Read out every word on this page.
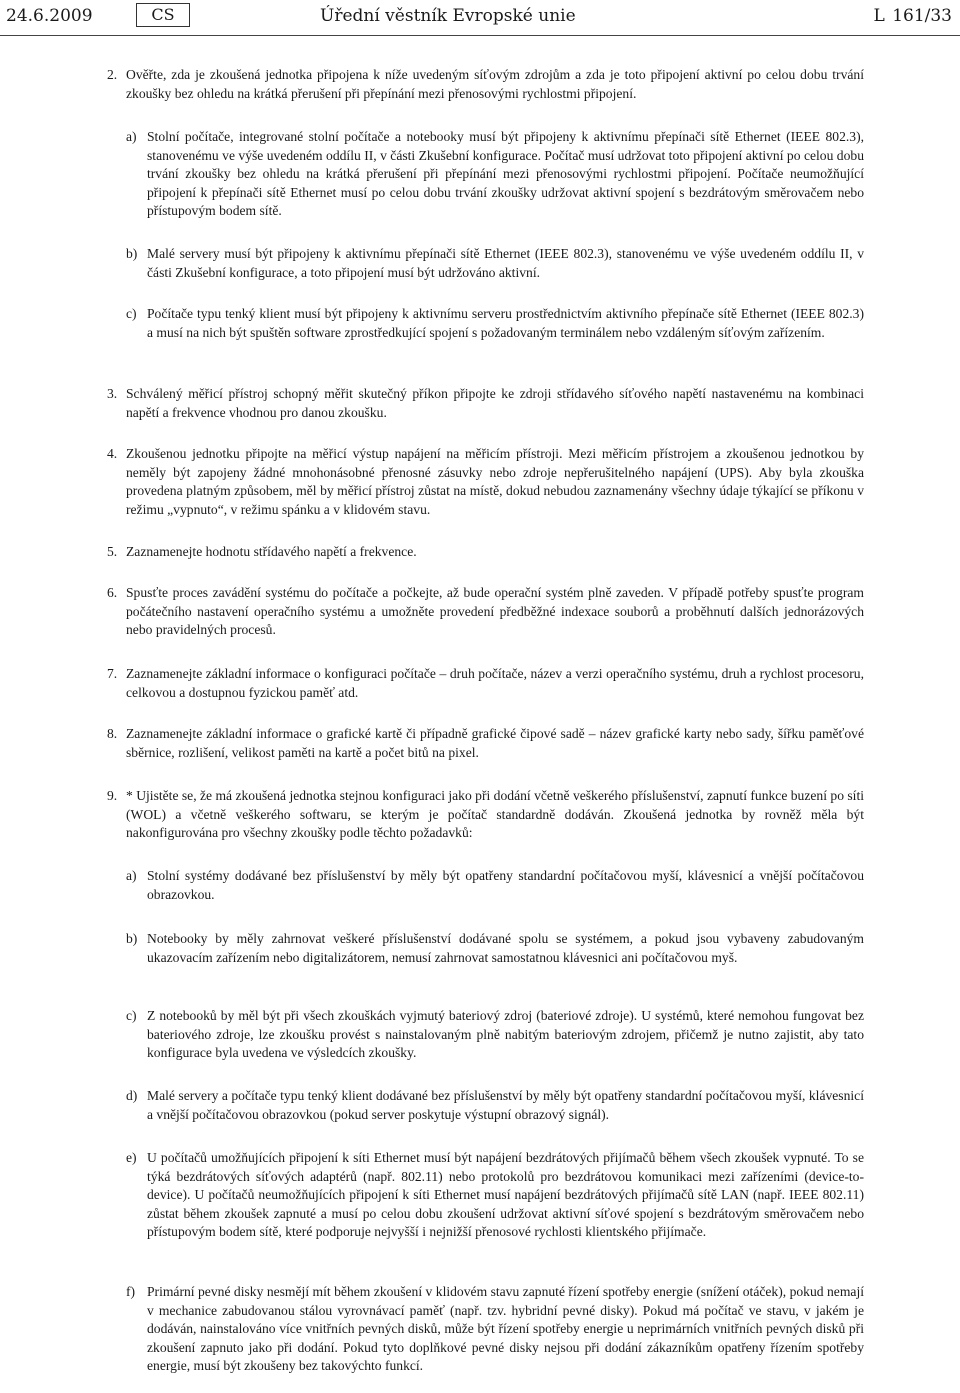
24.6.2009	CS	Úřední věstník Evropské unie	L 161/33
2. Ověřte, zda je zkoušená jednotka připojena k níže uvedeným síťovým zdrojům a zda je toto připojení aktivní po celou dobu trvání zkoušky bez ohledu na krátká přerušení při přepínání mezi přenosovými rychlostmi připojení.
a) Stolní počítače, integrované stolní počítače a notebooky musí být připojeny k aktivnímu přepínači sítě Ethernet (IEEE 802.3), stanovenému ve výše uvedeném oddílu II, v části Zkušební konfigurace. Počítač musí udržovat toto připojení aktivní po celou dobu trvání zkoušky bez ohledu na krátká přerušení při přepínání mezi přenosovými rychlostmi připojení. Počítače neumožňující připojení k přepínači sítě Ethernet musí po celou dobu trvání zkoušky udržovat aktivní spojení s bezdrátovým směrovačem nebo přístupovým bodem sítě.
b) Malé servery musí být připojeny k aktivnímu přepínači sítě Ethernet (IEEE 802.3), stanovenému ve výše uvedeném oddílu II, v části Zkušební konfigurace, a toto připojení musí být udržováno aktivní.
c) Počítače typu tenký klient musí být připojeny k aktivnímu serveru prostřednictvím aktivního přepínače sítě Ethernet (IEEE 802.3) a musí na nich být spuštěn software zprostředkující spojení s požadovaným terminálem nebo vzdáleným síťovým zařízením.
3. Schválený měřicí přístroj schopný měřit skutečný příkon připojte ke zdroji střídavého síťového napětí nastavenému na kombinaci napětí a frekvence vhodnou pro danou zkoušku.
4. Zkoušenou jednotku připojte na měřicí výstup napájení na měřicím přístroji. Mezi měřicím přístrojem a zkoušenou jednotkou by neměly být zapojeny žádné mnohonásobné přenosné zásuvky nebo zdroje nepřerušitelného napájení (UPS). Aby byla zkouška provedena platným způsobem, měl by měřicí přístroj zůstat na místě, dokud nebudou zaznamenány všechny údaje týkající se příkonu v režimu „vypnuto“, v režimu spánku a v klidovém stavu.
5. Zaznamenejte hodnotu střídavého napětí a frekvence.
6. Spusťte proces zavádění systému do počítače a počkejte, až bude operační systém plně zaveden. V případě potřeby spusťte program počátečního nastavení operačního systému a umožněte provedení předběžné indexace souborů a proběhnutí dalších jednorázových nebo pravidelných procesů.
7. Zaznamenejte základní informace o konfiguraci počítače – druh počítače, název a verzi operačního systému, druh a rychlost procesoru, celkovou a dostupnou fyzickou paměť atd.
8. Zaznamenejte základní informace o grafické kartě či případně grafické čipové sadě – název grafické karty nebo sady, šířku paměťové sběrnice, rozlišení, velikost paměti na kartě a počet bitů na pixel.
9. * Ujistěte se, že má zkoušená jednotka stejnou konfiguraci jako při dodání včetně veškerého příslušenství, zapnutí funkce buzení po síti (WOL) a včetně veškerého softwaru, se kterým je počítač standardně dodáván. Zkoušená jednotka by rovněž měla být nakonfigurována pro všechny zkoušky podle těchto požadavků:
a) Stolní systémy dodávané bez příslušenství by měly být opatřeny standardní počítačovou myší, klávesnicí a vnější počítačovou obrazovkou.
b) Notebooky by měly zahrnovat veškeré příslušenství dodávané spolu se systémem, a pokud jsou vybaveny zabudovaným ukazovacím zařízením nebo digitalizátorem, nemusí zahrnovat samostatnou klávesnici ani počítačovou myš.
c) Z notebooků by měl být při všech zkouškách vyjmutý bateriový zdroj (bateriové zdroje). U systémů, které nemohou fungovat bez bateriového zdroje, lze zkoušku provést s nainstalovaným plně nabitým bateriovým zdrojem, přičemž je nutno zajistit, aby tato konfigurace byla uvedena ve výsledcích zkoušky.
d) Malé servery a počítače typu tenký klient dodávané bez příslušenství by měly být opatřeny standardní počítačovou myší, klávesnicí a vnější počítačovou obrazovkou (pokud server poskytuje výstupní obrazový signál).
e) U počítačů umožňujících připojení k síti Ethernet musí být napájení bezdrátových přijímačů během všech zkoušek vypnuté. To se týká bezdrátových síťových adaptérů (např. 802.11) nebo protokolů pro bezdrátovou komunikaci mezi zařízeními (device-to-device). U počítačů neumožňujících připojení k síti Ethernet musí napájení bezdrátových přijímačů sítě LAN (např. IEEE 802.11) zůstat během zkoušek zapnuté a musí po celou dobu zkoušení udržovat aktivní síťové spojení s bezdrátovým směrovačem nebo přístupovým bodem sítě, které podporuje nejvyšší i nejnižší přenosové rychlosti klientského přijímače.
f) Primární pevné disky nesmějí mít během zkoušení v klidovém stavu zapnuté řízení spotřeby energie (snížení otáček), pokud nemají v mechanice zabudovanou stálou vyrovnávací paměť (např. tzv. hybridní pevné disky). Pokud má počítač ve stavu, v jakém je dodáván, nainstalováno více vnitřních pevných disků, může být řízení spotřeby energie u neprimárních vnitřních pevných disků při zkoušení zapnuto jako při dodání. Pokud tyto doplňkové pevné disky nejsou při dodání zákazníkům opatřeny řízením spotřeby energie, musí být zkoušeny bez takovýchto funkcí.
